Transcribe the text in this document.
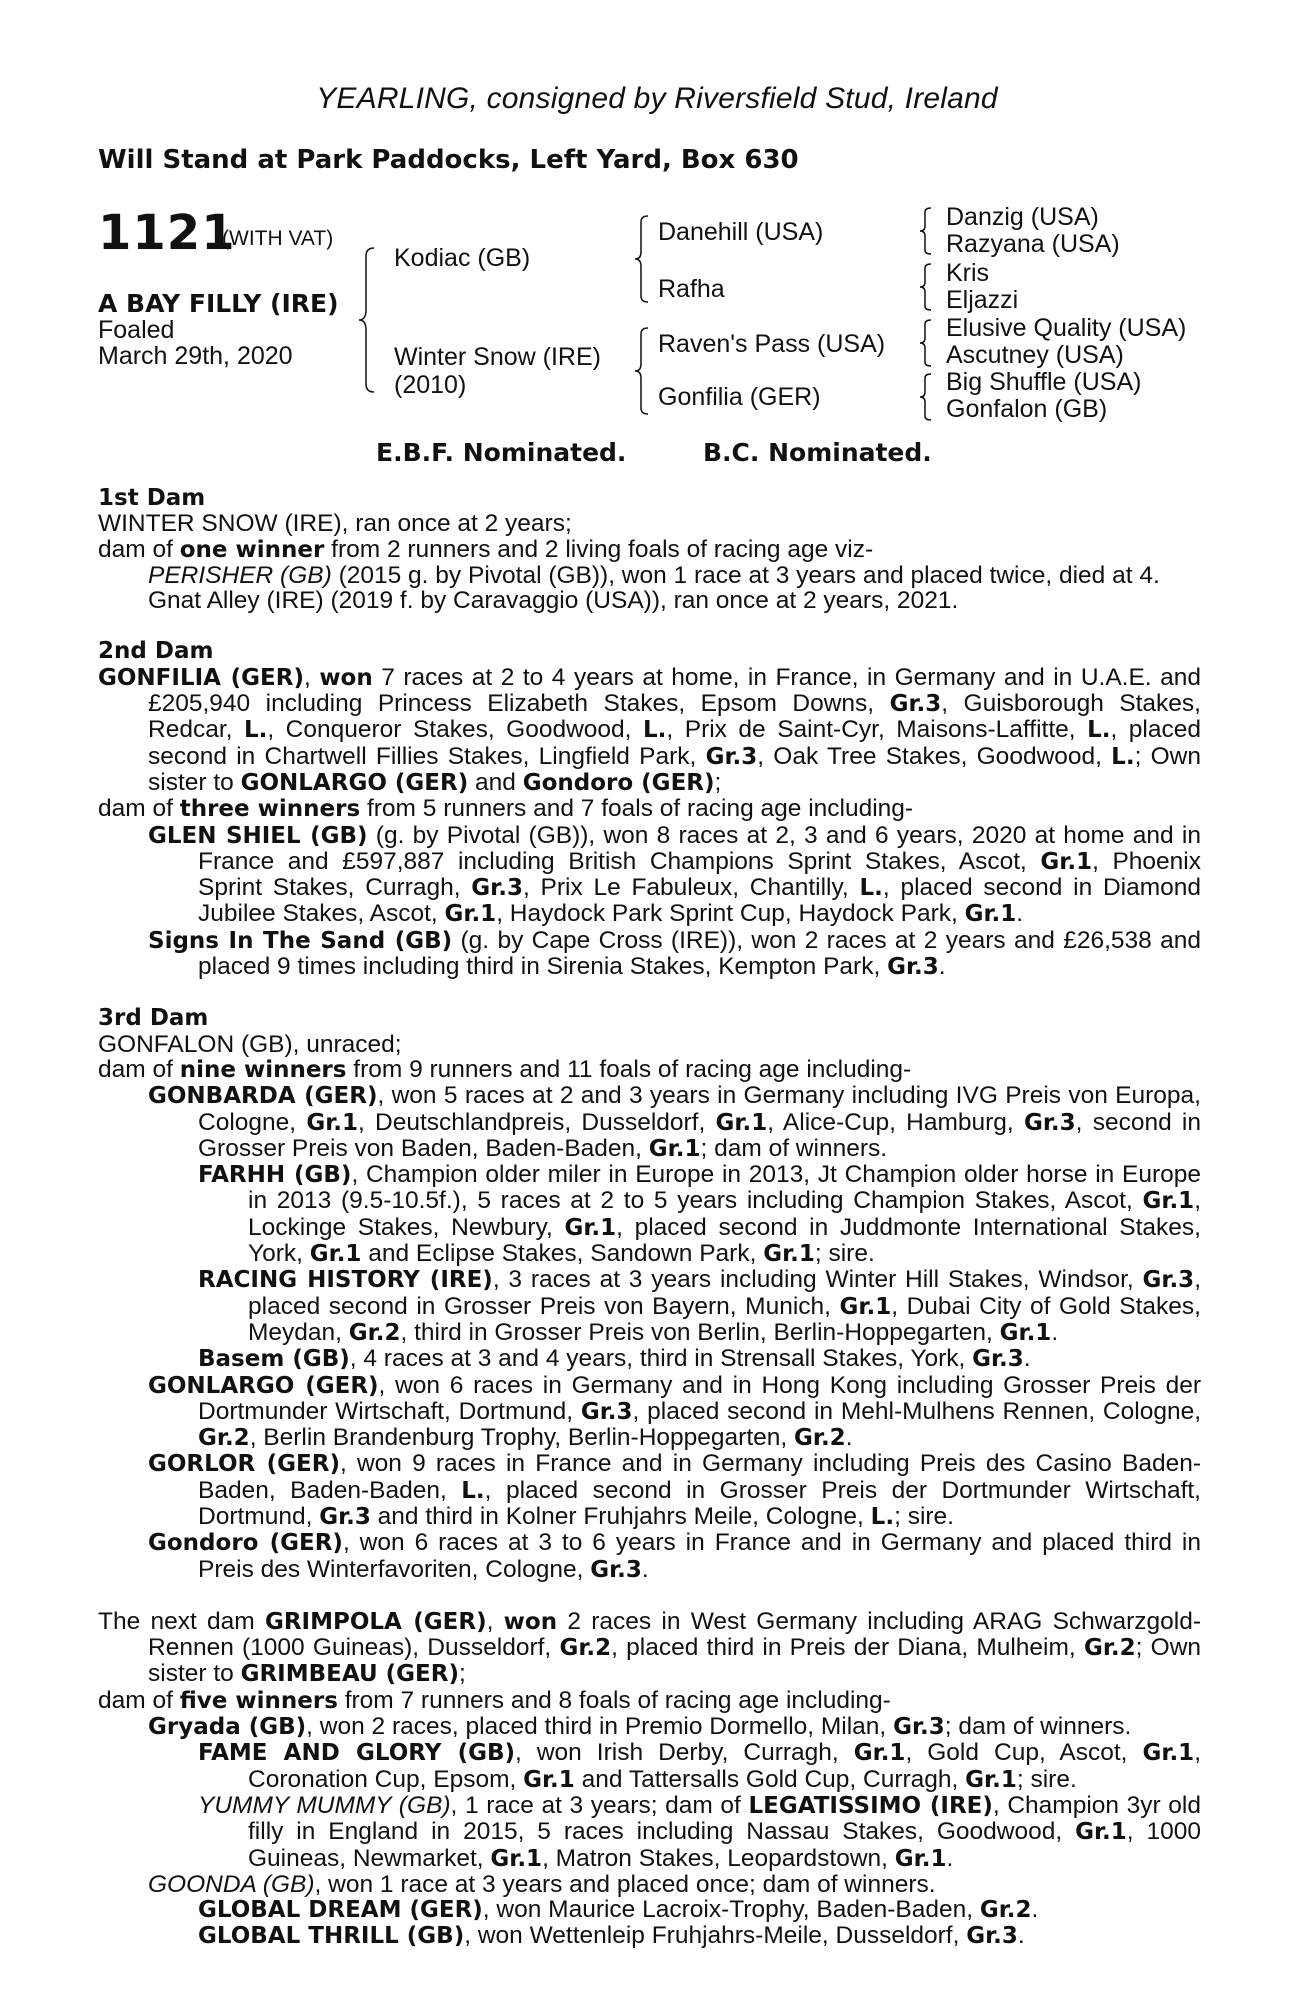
YEARLING, consigned by Riversfield Stud, Ireland
Will Stand at Park Paddocks, Left Yard, Box 630
1121
(WITH VAT)
A BAY FILLY (IRE)
Foaled
March 29th, 2020
Kodiac (GB)
Winter Snow (IRE)
(2010)
Danehill (USA)
Rafha
Raven's Pass (USA)
Gonfilia (GER)
Danzig (USA)
Razyana (USA)
Kris
Eljazzi
Elusive Quality (USA)
Ascutney (USA)
Big Shuffle (USA)
Gonfalon (GB)
E.B.F. Nominated.	B.C. Nominated.

1st Dam

WINTER SNOW (IRE), ran once at 2 years;

dam of one winner from 2 runners and 2 living foals of racing age viz-

PERISHER (GB) (2015 g. by Pivotal (GB)), won 1 race at 3 years and placed twice, died at 4.

Gnat Alley (IRE) (2019 f. by Caravaggio (USA)), ran once at 2 years, 2021.

2nd Dam

GONFILIA (GER), won 7 races at 2 to 4 years at home, in France, in Germany and in U.A.E. and £205,940 including Princess Elizabeth Stakes, Epsom Downs, Gr.3, Guisborough Stakes, Redcar, L., Conqueror Stakes, Goodwood, L., Prix de Saint-Cyr, Maisons-Laffitte, L., placed second in Chartwell Fillies Stakes, Lingfield Park, Gr.3, Oak Tree Stakes, Goodwood, L.; Own sister to GONLARGO (GER) and Gondoro (GER);

dam of three winners from 5 runners and 7 foals of racing age including-

GLEN SHIEL (GB) (g. by Pivotal (GB)), won 8 races at 2, 3 and 6 years, 2020 at home and in France and £597,887 including British Champions Sprint Stakes, Ascot, Gr.1, Phoenix Sprint Stakes, Curragh, Gr.3, Prix Le Fabuleux, Chantilly, L., placed second in Diamond Jubilee Stakes, Ascot, Gr.1, Haydock Park Sprint Cup, Haydock Park, Gr.1.

Signs In The Sand (GB) (g. by Cape Cross (IRE)), won 2 races at 2 years and £26,538 and placed 9 times including third in Sirenia Stakes, Kempton Park, Gr.3.

3rd Dam

GONFALON (GB), unraced;

dam of nine winners from 9 runners and 11 foals of racing age including-

GONBARDA (GER), won 5 races at 2 and 3 years in Germany including IVG Preis von Europa, Cologne, Gr.1, Deutschlandpreis, Dusseldorf, Gr.1, Alice-Cup, Hamburg, Gr.3, second in Grosser Preis von Baden, Baden-Baden, Gr.1; dam of winners.

FARHH (GB), Champion older miler in Europe in 2013, Jt Champion older horse in Europe in 2013 (9.5-10.5f.), 5 races at 2 to 5 years including Champion Stakes, Ascot, Gr.1, Lockinge Stakes, Newbury, Gr.1, placed second in Juddmonte International Stakes, York, Gr.1 and Eclipse Stakes, Sandown Park, Gr.1; sire.

RACING HISTORY (IRE), 3 races at 3 years including Winter Hill Stakes, Windsor, Gr.3, placed second in Grosser Preis von Bayern, Munich, Gr.1, Dubai City of Gold Stakes, Meydan, Gr.2, third in Grosser Preis von Berlin, Berlin-Hoppegarten, Gr.1.

Basem (GB), 4 races at 3 and 4 years, third in Strensall Stakes, York, Gr.3.

GONLARGO (GER), won 6 races in Germany and in Hong Kong including Grosser Preis der Dortmunder Wirtschaft, Dortmund, Gr.3, placed second in Mehl-Mulhens Rennen, Cologne, Gr.2, Berlin Brandenburg Trophy, Berlin-Hoppegarten, Gr.2.

GORLOR (GER), won 9 races in France and in Germany including Preis des Casino Baden-Baden, Baden-Baden, L., placed second in Grosser Preis der Dortmunder Wirtschaft, Dortmund, Gr.3 and third in Kolner Fruhjahrs Meile, Cologne, L.; sire.

Gondoro (GER), won 6 races at 3 to 6 years in France and in Germany and placed third in Preis des Winterfavoriten, Cologne, Gr.3.

The next dam GRIMPOLA (GER), won 2 races in West Germany including ARAG Schwarzgold-Rennen (1000 Guineas), Dusseldorf, Gr.2, placed third in Preis der Diana, Mulheim, Gr.2; Own sister to GRIMBEAU (GER);

dam of five winners from 7 runners and 8 foals of racing age including-

Gryada (GB), won 2 races, placed third in Premio Dormello, Milan, Gr.3; dam of winners.

FAME AND GLORY (GB), won Irish Derby, Curragh, Gr.1, Gold Cup, Ascot, Gr.1, Coronation Cup, Epsom, Gr.1 and Tattersalls Gold Cup, Curragh, Gr.1; sire.

YUMMY MUMMY (GB), 1 race at 3 years; dam of LEGATISSIMO (IRE), Champion 3yr old filly in England in 2015, 5 races including Nassau Stakes, Goodwood, Gr.1, 1000 Guineas, Newmarket, Gr.1, Matron Stakes, Leopardstown, Gr.1.

GOONDA (GB), won 1 race at 3 years and placed once; dam of winners.

GLOBAL DREAM (GER), won Maurice Lacroix-Trophy, Baden-Baden, Gr.2.

GLOBAL THRILL (GB), won Wettenleip Fruhjahrs-Meile, Dusseldorf, Gr.3.
